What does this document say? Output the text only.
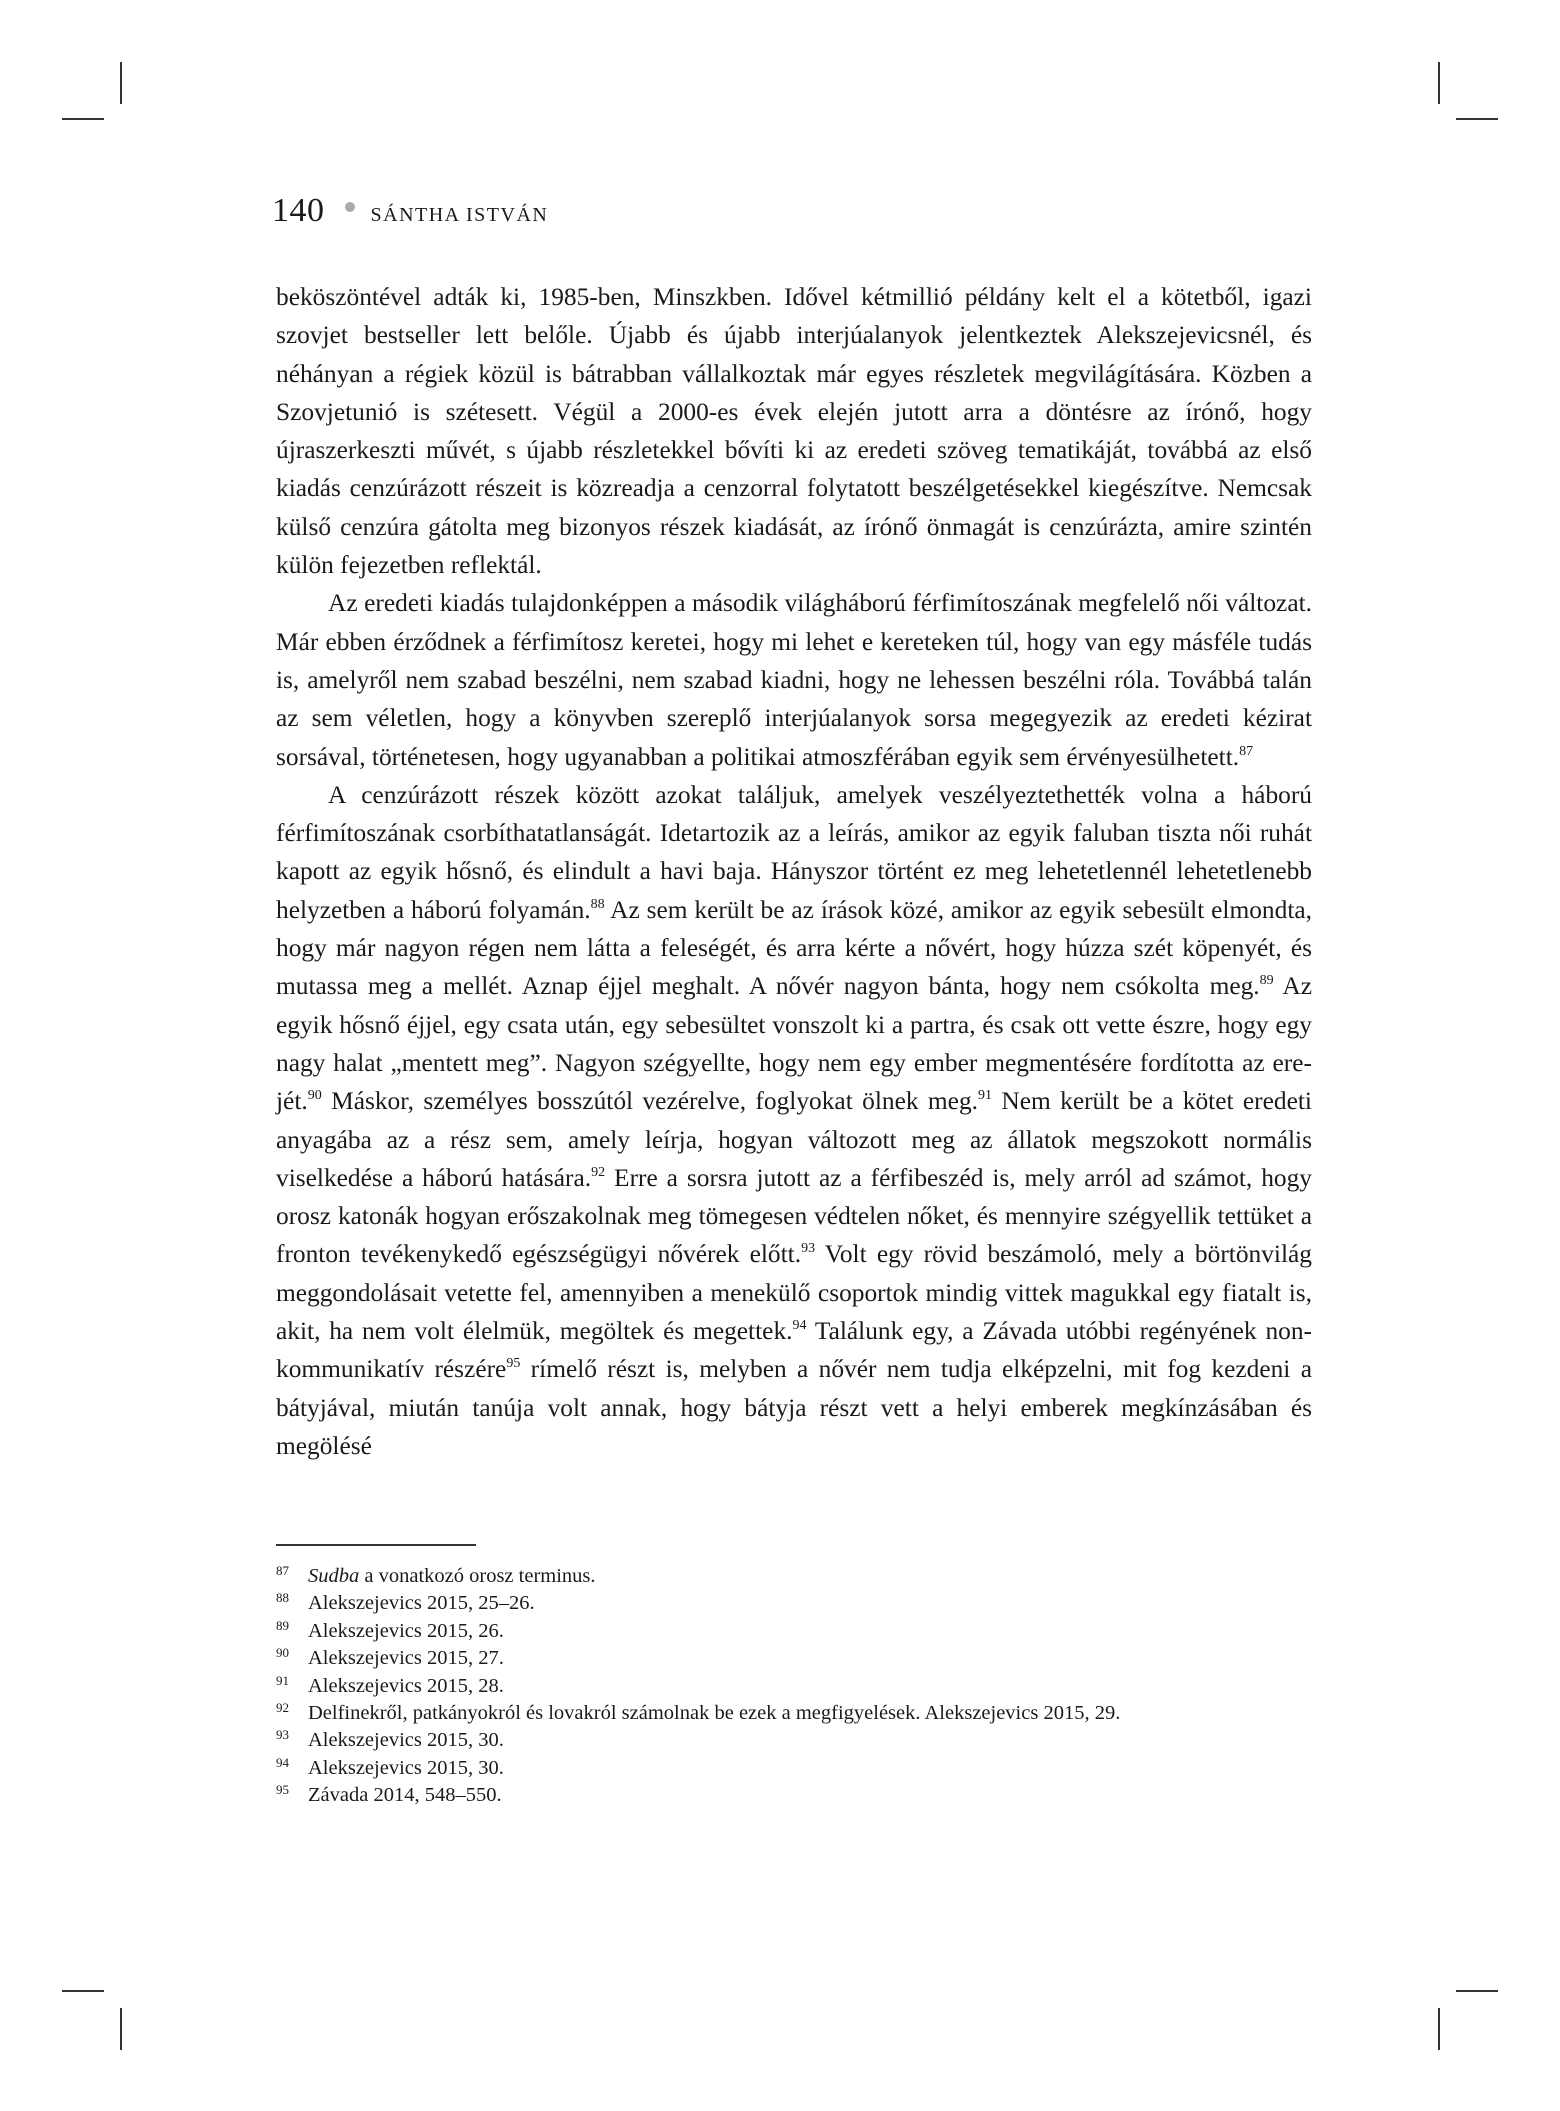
140 SÁNTHA ISTVÁN

beköszöntével adták ki, 1985-ben, Minszkben. Idővel kétmillió példány kelt el a kötetből, igazi szovjet bestseller lett belőle. Újabb és újabb interjúalanyok jelentkeztek Alekszejevicsnél, és néhányan a régiek közül is bátrabban vállalkoztak már egyes részletek megvilágítására. Közben a Szovjetunió is szétesett. Végül a 2000-es évek elején jutott arra a döntésre az írónő, hogy újraszerkeszti művét, s újabb részletekkel bővíti ki az eredeti szöveg tematikáját, továbbá az első kiadás cenzúrázott részeit is közreadja a cenzorral folytatott beszélgetésekkel kiegészítve. Nemcsak külső cenzúra gátolta meg bizonyos részek kiadását, az írónő önmagát is cenzúrázta, amire szintén külön fejezetben reflektál.

Az eredeti kiadás tulajdonképpen a második világháború férfimítoszának megfelelő női változat. Már ebben érződnek a férfimítosz keretei, hogy mi lehet e kereteken túl, hogy van egy másféle tudás is, amelyről nem szabad beszélni, nem szabad kiadni, hogy ne lehessen beszélni róla. Továbbá talán az sem véletlen, hogy a könyvben szereplő interjúalanyok sorsa megegyezik az eredeti kézirat sorsával, történetesen, hogy ugyanabban a politikai atmoszférában egyik sem érvényesülhetett.$^{87}$

A cenzúrázott részek között azokat találjuk, amelyek veszélyeztethették volna a háború férfimítoszának csorbíthatatlanságát. Idetartozik az a leírás, amikor az egyik faluban tiszta női ruhát kapott az egyik hősnő, és elindult a havi baja. Hányszor történt ez meg lehetetlennél lehetetlenebb helyzetben a háború folyamán.$^{88}$ Az sem került be az írások közé, amikor az egyik sebesült elmondta, hogy már nagyon régen nem látta a feleségét, és arra kérte a nővért, hogy húzza szét köpenyét, és mutassa meg a mellét. Aznap éjjel meghalt. A nővér nagyon bánta, hogy nem csókolta meg.$^{89}$ Az egyik hősnő éjjel, egy csata után, egy sebesültet vonszolt ki a partra, és csak ott vette észre, hogy egy nagy halat „mentett meg”. Nagyon szégyellte, hogy nem egy ember megmentésére fordította az erejét.$^{90}$ Máskor, személyes bosszútól vezérelve, foglyokat ölnek meg.$^{91}$ Nem került be a kötet eredeti anyagába az a rész sem, amely leírja, hogyan változott meg az állatok megszokott normális viselkedése a háború hatására.$^{92}$ Erre a sorsra jutott az a férfibeszéd is, mely arról ad számot, hogy orosz katonák hogyan erőszakolnak meg tömegesen védtelen nőket, és mennyire szégyellik tettüket a fronton tevékenykedő egészségügyi nővérek előtt.$^{93}$ Volt egy rövid beszámoló, mely a börtönvilág meggondolásait vetette fel, amennyiben a menekülő csoportok mindig vittek magukkal egy fiatalt is, akit, ha nem volt élelmük, megöltek és megettek.$^{94}$ Találunk egy, a Závada utóbbi regényének non-kommunikatív részére$^{95}$ rímelő részt is, melyben a nővér nem tudja elképzelni, mit fog kezdeni a bátyjával, miután tanúja volt annak, hogy bátyja részt vett a helyi emberek megkínzásában és megölésé

87 Sudba a vonatkozó orosz terminus.
88 Alekszejevics 2015, 25–26.
89 Alekszejevics 2015, 26.
90 Alekszejevics 2015, 27.
91 Alekszejevics 2015, 28.
92 Delfinekről, patkányokról és lovakról számolnak be ezek a megfigyelések. Alekszejevics 2015, 29.
93 Alekszejevics 2015, 30.
94 Alekszejevics 2015, 30.
95 Závada 2014, 548–550.
